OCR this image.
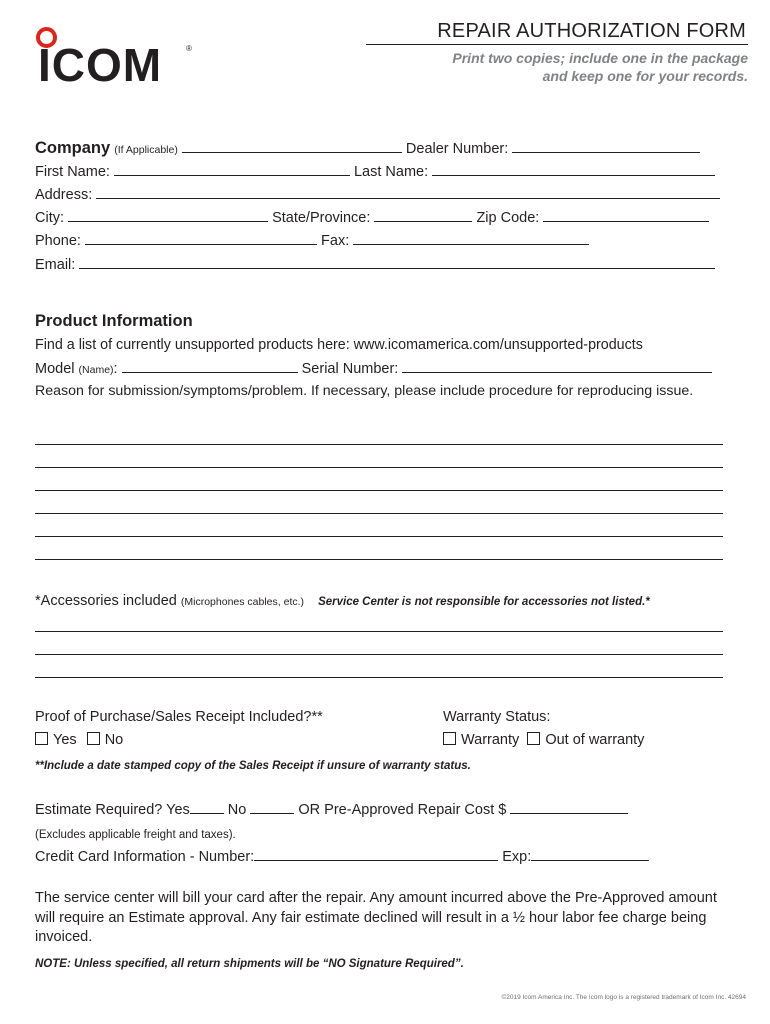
ICOM	®
REPAIR AUTHORIZATION FORM
Print two copies; include one in the package
and keep one for your records.
Company (If Applicable)	Dealer Number:
First Name:	Last Name:
Address:
City:	State/Province:	Zip Code:
Phone:	Fax:
Email:
Product Information
Find a list of currently unsupported products here: www.icomamerica.com/unsupported-products
Model (Name):	Serial Number:
Reason for submission/symptoms/problem. If necessary, please include procedure for reproducing issue.
*Accessories included (Microphones cables, etc.) Service Center is not responsible for accessories not listed.*
Proof of Purchase/Sales Receipt Included?**
Yes No
Warranty Status:
Warranty Out of warranty
**Include a date stamped copy of the Sales Receipt if unsure of warranty status.
Estimate Required? Yes	No	OR Pre-Approved Repair Cost $
(Excludes applicable freight and taxes).
Credit Card Information - Number:	Exp:
The service center will bill your card after the repair. Any amount incurred above the Pre-Approved amount will require an Estimate approval. Any fair estimate declined will result in a ½ hour labor fee charge being invoiced.
NOTE: Unless specified, all return shipments will be “NO Signature Required”.
©2019 Icom America Inc. The Icom logo is a registered trademark of Icom Inc. 42694
